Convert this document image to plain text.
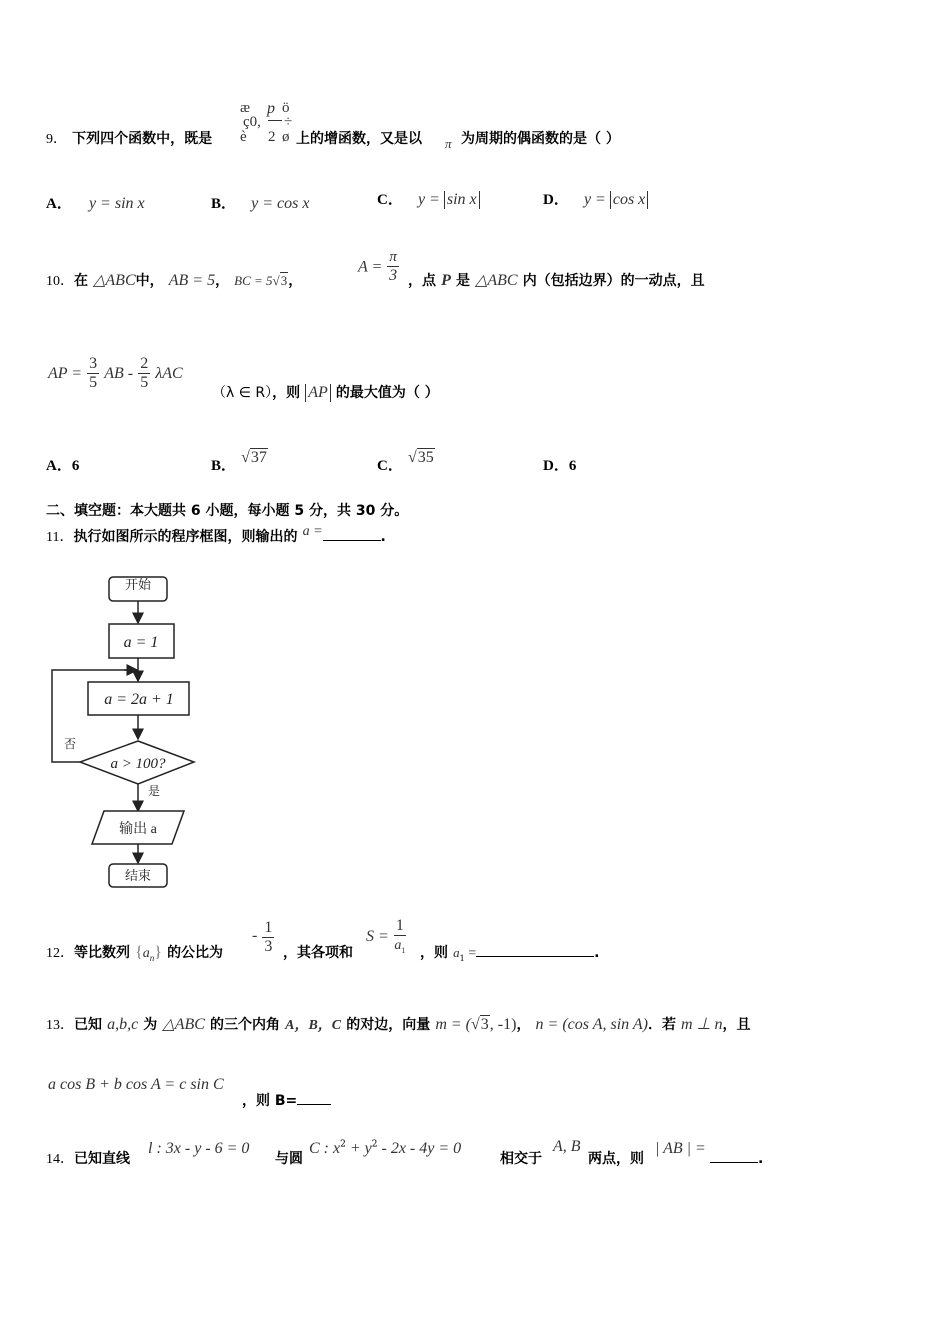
9． 下列四个函数中，既是
æ p ö
ç0, ÷
è 2 ø 上的增函数，又是以 π 为周期的偶函数的是（ ）
A． y = sin x	B． y = cos x	C． y = sin x	D． y = cos x
10．在 △ABC中， AB = 5， BC = 5√3，
$A = \frac{\pi}{3}$ ，点 P 是 △ABC 内（包括边界）的一动点，且
AP = $\frac{3}{5}$ AB - $\frac{2}{5}$ λAC
（λ ∈ R），则 AP 的最大值为（ ）
A．6	B． √37	C． √35	D．6
二、填空题：本大题共 6 小题，每小题 5 分，共 30 分。
11．执行如图所示的程序框图，则输出的 a =	.
开始
a = 1
a = 2a + 1
a > 100?
否
是
输出 a
结束
12．等比数列 $\{a_n\}$ 的公比为
- $\frac{1}{3}$ ，其各项和
$S = \frac{1}{a_1}$ ，则 $a_1$ =	.
13．已知 a,b,c 为 △ABC 的三个内角 A，B，C 的对边，向量 m = (√3, -1)， n = (cos A, sin A)．若 m ⊥ n，且
a cos B + b cos A = c sin C
，则 B=
14．已知直线
l : 3x - y - 6 = 0
与圆
C : $x^2 + y^2 - 2x - 4y = 0$
相交于
A, B
两点，则
| AB | =
.
